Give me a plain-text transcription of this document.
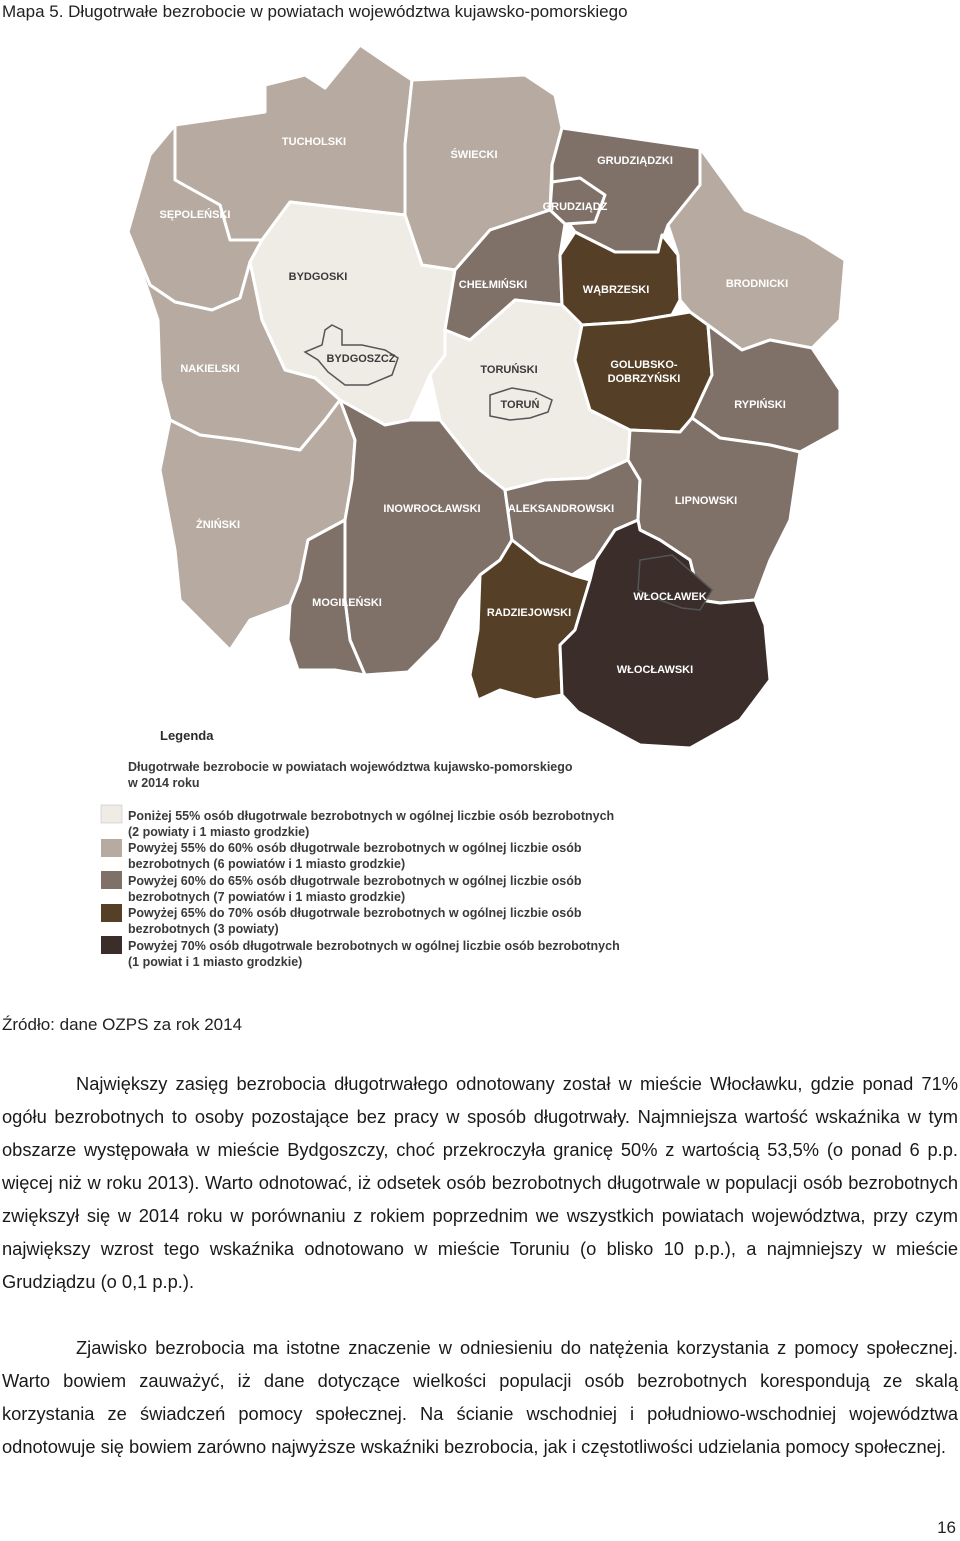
Mapa 5. Długotrwałe bezrobocie w powiatach województwa kujawsko-pomorskiego
TUCHOLSKI
ŚWIECKI	GRUDZIĄDZKI
GRUDZIĄDZ
SĘPOLEŃSKI
BYDGOSKI
CHEŁMIŃSKI	WĄBRZESKI	BRODNICKI
BYDGOSZCZ
NAKIELSKI	TORUŃSKI	GOLUBSKO-
DOBRZYŃSKI
TORUŃ	RYPIŃSKI
ŻNIŃSKI
INOWROCŁAWSKI ALEKSANDROWSKI
LIPNOWSKI
MOGILEŃSKI
RADZIEJOWSKI
WŁOCŁAWEK
WŁOCŁAWSKI
Legenda
Długotrwałe bezrobocie w powiatach województwa kujawsko-pomorskiego
w 2014 roku
Poniżej 55% osób długotrwale bezrobotnych w ogólnej liczbie osób bezrobotnych
(2 powiaty i 1 miasto grodzkie)
Powyżej 55% do 60% osób długotrwale bezrobotnych w ogólnej liczbie osób
bezrobotnych (6 powiatów i 1 miasto grodzkie)
Powyżej 60% do 65% osób długotrwale bezrobotnych w ogólnej liczbie osób
bezrobotnych (7 powiatów i 1 miasto grodzkie)
Powyżej 65% do 70% osób długotrwale bezrobotnych w ogólnej liczbie osób
bezrobotnych (3 powiaty)
Powyżej 70% osób długotrwale bezrobotnych w ogólnej liczbie osób bezrobotnych
(1 powiat i 1 miasto grodzkie)
Źródło: dane OZPS za rok 2014

Największy zasięg bezrobocia długotrwałego odnotowany został w mieście Włocławku, gdzie ponad 71% ogółu bezrobotnych to osoby pozostające bez pracy w sposób długotrwały. Najmniejsza wartość wskaźnika w tym obszarze występowała w mieście Bydgoszczy, choć przekroczyła granicę 50% z wartością 53,5% (o ponad 6 p.p. więcej niż w roku 2013). Warto odnotować, iż odsetek osób bezrobotnych długotrwale w populacji osób bezrobotnych zwiększył się w 2014 roku w porównaniu z rokiem poprzednim we wszystkich powiatach województwa, przy czym największy wzrost tego wskaźnika odnotowano w mieście Toruniu (o blisko 10 p.p.), a najmniejszy w mieście Grudziądzu (o 0,1 p.p.).

Zjawisko bezrobocia ma istotne znaczenie w odniesieniu do natężenia korzystania z pomocy społecznej. Warto bowiem zauważyć, iż dane dotyczące wielkości populacji osób bezrobotnych korespondują ze skalą korzystania ze świadczeń pomocy społecznej. Na ścianie wschodniej i południowo-wschodniej województwa odnotowuje się bowiem zarówno najwyższe wskaźniki bezrobocia, jak i częstotliwości udzielania pomocy społecznej.

16
